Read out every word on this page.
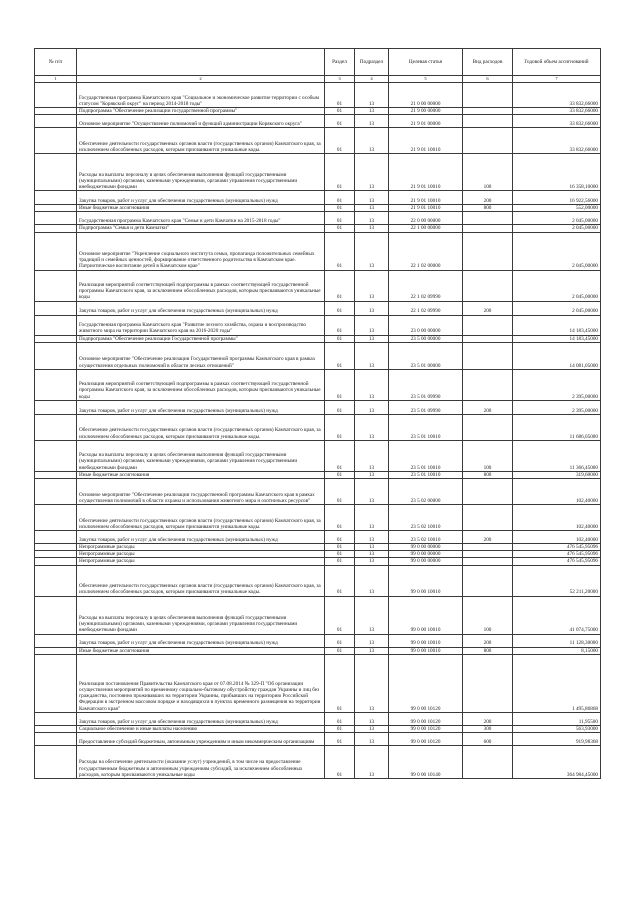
№ п/п		Раздел	Подраздел	Целевая статья	Вид расходов	Годовой объем ассигнований
1	2	3	4	5	6	7
	Государственная программа Камчатского края "Социальное и экономическое развитие территории с особым статусом "Корякский округ" на период 2014-2018 годы"	01	13	21 0 00 00000		33 832,66000
	Подпрограмма "Обеспечение реализации государственной программы"	01	13	21 9 00 00000		33 832,66000
	Основное мероприятие "Осуществление полномочий и функций администрации Корякского округа"	01	13	21 9 01 00000		33 832,66000
	Обеспечение деятельности государственных органов власти (государственных органов) Камчатского края, за исключением обособленных расходов, которым присваиваются уникальные коды.	01	13	21 9 01 10010		33 832,66000
	Расходы на выплаты персоналу в целях обеспечения выполнения функций государственными (муниципальными) органами, казенными учреждениями, органами управления государственными внебюджетными фондами	01	13	21 9 01 10010	100	16 358,10000
	Закупка товаров, работ и услуг для обеспечения государственных (муниципальных) нужд	01	13	21 9 01 10010	200	16 922,56000
	Иные бюджетные ассигнования	01	13	21 9 01 10010	800	552,00000
	Государственная программа Камчатского края "Семья и дети Камчатки на 2015-2018 годы"	01	13	22 0 00 00000		2 045,00000
	Подпрограмма "Семья и дети Камчатки"	01	13	22 1 00 00000		2 045,00000
	Основное мероприятие "Укрепление социального института семьи, пропаганда положительных семейных традиций и семейных ценностей, формирование ответственного родительства в Камчатском крае. Патриотическое воспитание детей в Камчатском крае"	01	13	22 1 02 00000		2 045,00000
	Реализация мероприятий соответствующей подпрограммы в рамках соответствующей государственной программы Камчатского края, за исключением обособленных расходов, которым присваиваются уникальные коды	01	13	22 1 02 09990		2 045,00000
	Закупка товаров, работ и услуг для обеспечения государственных (муниципальных) нужд	01	13	22 1 02 09990	200	2 045,00000
	Государственная программа Камчатского края "Развитие лесного хозяйства, охрана и воспроизводство животного мира на территории Камчатского края на 2016-2020 годы"	01	13	23 0 00 00000		14 183,45000
	Подпрограмма "Обеспечение реализации Государственной программы"	01	13	23 5 00 00000		14 183,45000
	Основное мероприятие "Обеспечение реализации Государственной программы Камчатского края в рамках осуществления отдельных полномочий в области лесных отношений"	01	13	23 5 01 00000		14 081,05000
	Реализация мероприятий соответствующей подпрограммы в рамках соответствующей государственной программы Камчатского края, за исключением обособленных расходов, которым присваиваются уникальные коды	01	13	23 5 01 09990		2 395,00000
	Закупка товаров, работ и услуг для обеспечения государственных (муниципальных) нужд	01	13	23 5 01 09990	200	2 395,00000
	Обеспечение деятельности государственных органов власти (государственных органов) Камчатского края, за исключением обособленных расходов, которым присваиваются уникальные коды.	01	13	23 5 01 10010		11 686,05000
	Расходы на выплаты персоналу в целях обеспечения выполнения функций государственными (муниципальными) органами, казенными учреждениями, органами управления государственными внебюджетными фондами	01	13	23 5 01 10010	100	11 366,45000
	Иные бюджетные ассигнования	01	13	23 5 01 10010	800	319,60000
	Основное мероприятие "Обеспечение реализации государственной программы Камчатского края в рамках осуществления полномочий в области охраны и использования животного мира и охотничьих ресурсов"	01	13	23 5 02 00000		102,40000
	Обеспечение деятельности государственных органов власти (государственных органов) Камчатского края, за исключением обособленных расходов, которым присваиваются уникальные коды.	01	13	23 5 02 10010		102,40000
	Закупка товаров, работ и услуг для обеспечения государственных (муниципальных) нужд	01	13	23 5 02 10010	200	102,40000
	Непрограммные расходы	01	13	99 0 00 00000		476 545,95096
	Непрограммные расходы	01	13	99 0 00 00000		476 545,95096
	Непрограммные расходы	01	13	99 0 00 00000		476 545,95096
	Обеспечение деятельности государственных органов власти (государственных органов) Камчатского края, за исключением обособленных расходов, которым присваиваются уникальные коды.	01	13	99 0 00 10010		52 211,20000
	Расходы на выплаты персоналу в целях обеспечения выполнения функций государственными (муниципальными) органами, казенными учреждениями, органами управления государственными внебюджетными фондами	01	13	99 0 00 10010	100	41 074,75000
	Закупка товаров, работ и услуг для обеспечения государственных (муниципальных) нужд	01	13	99 0 00 10010	200	11 128,30000
	Иные бюджетные ассигнования	01	13	99 0 00 10010	800	8,15000
	Реализация постановления Правительства Камчатского края от 07.08.2014 № 329-П "Об организации осуществления мероприятий по временному социально-бытовому обустройству граждан Украины и лиц без гражданства, постоянно проживавших на территории Украины, прибывших на территорию Российской Федерации в экстренном массовом порядке и находящихся в пунктах временного размещения на территории Камчатского края"	01	13	99 0 00 10120		1 495,86868
	Закупка товаров, работ и услуг для обеспечения государственных (муниципальных) нужд	01	13	99 0 00 10120	200	11,95500
	Социальное обеспечение и иные выплаты населению	01	13	99 0 00 10120	300	563,93000
	Предоставление субсидий бюджетным, автономным учреждениям и иным некоммерческим организациям	01	13	99 0 00 10120	600	919,98368
	Расходы на обеспечение деятельности (оказание услуг) учреждений, в том числе на предоставление государственным бюджетным и автономным учреждениям субсидий, за исключением обособленных расходов, которым присваиваются уникальные коды	01	13	99 0 00 10140		364 984,45000
